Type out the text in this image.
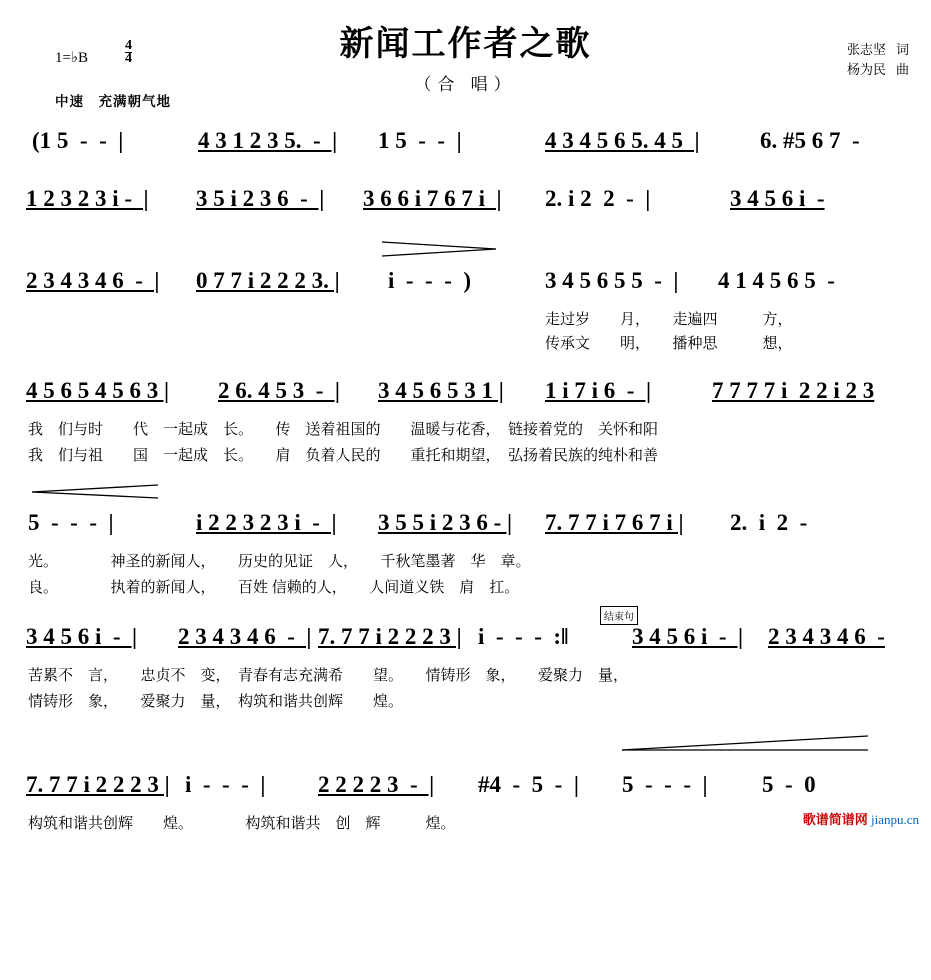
新闻工作者之歌
（合 唱）
张志坚 词
杨为民 曲
1=♭B	$\frac{4}{4}$
中速　充满朝气地

(1 5  -  -  |

	4 3 1 2 3 5.  -  |

1 5  -  -  |

	4 3 4 5 6 5. 4 5  |

	6. #5 6 7  -

1 2 3 2 3 i -  |

3 5 i 2 3 6  -  |

3 6 6 i 7 6 7 i  |

2. i 2  2  -  |

	3 4 5 6 i  -

2 3 4 3 4 6  -  |

0 7 7 i 2 2 2 3. |

i  -  -  -  )

	3 4 5 6 5 5  -  |

4 1 4 5 6 5  -

走过岁　　月，　　走遍四　　　方，

传承文　　明，　　播种思　　　想，

4 5 6 5 4 5 6 3 |

2 6. 4 5 3  -  |

3 4 5 6 5 3 1 |

1 i 7 i 6  -  |

	7 7 7 7 i  2 2 i 2 3

我　们与时　　代　一起成　长。　　传　送着祖国的　　温暖与花香，　链接着党的　关怀和阳

我　们与祖　　国　一起成　长。　　肩　负着人民的　　重托和期望，　弘扬着民族的纯朴和善

5  -  -  -  |

	i 2 2 3 2 3 i  -  |

3 5 5 i 2 3 6 - |

7. 7 7 i 7 6 7 i |

2.  i  2  -

光。　　　　神圣的新闻人，　　历史的见证　人，　　千秋笔墨著　华　章。

良。　　　　执着的新闻人，　　百姓 信赖的人，　　人间道义铁　肩　扛。

结束句

3 4 5 6 i  -  |

2 3 4 3 4 6  -  |

7. 7 7 i 2 2 2 3 |

i  -  -  -  :‖

	3 4 5 6 i  -  |

2 3 4 3 4 6  -

苦累不　言，　　忠贞不　变，　青春有志充满希　　望。　　情铸形　象，　　爱聚力　量，

情铸形　象，　　爱聚力　量，　构筑和谐共创辉　　煌。

7. 7 7 i 2 2 2 3 |

i  -  -  -  |

2 2 2 2 3  -  |

#4  -  5  -  |

5  -  -  -  |

5  -  0

构筑和谐共创辉　　煌。　　　　构筑和谐共　创　辉　　　煌。

	歌谱简谱网 jianpu.cn
